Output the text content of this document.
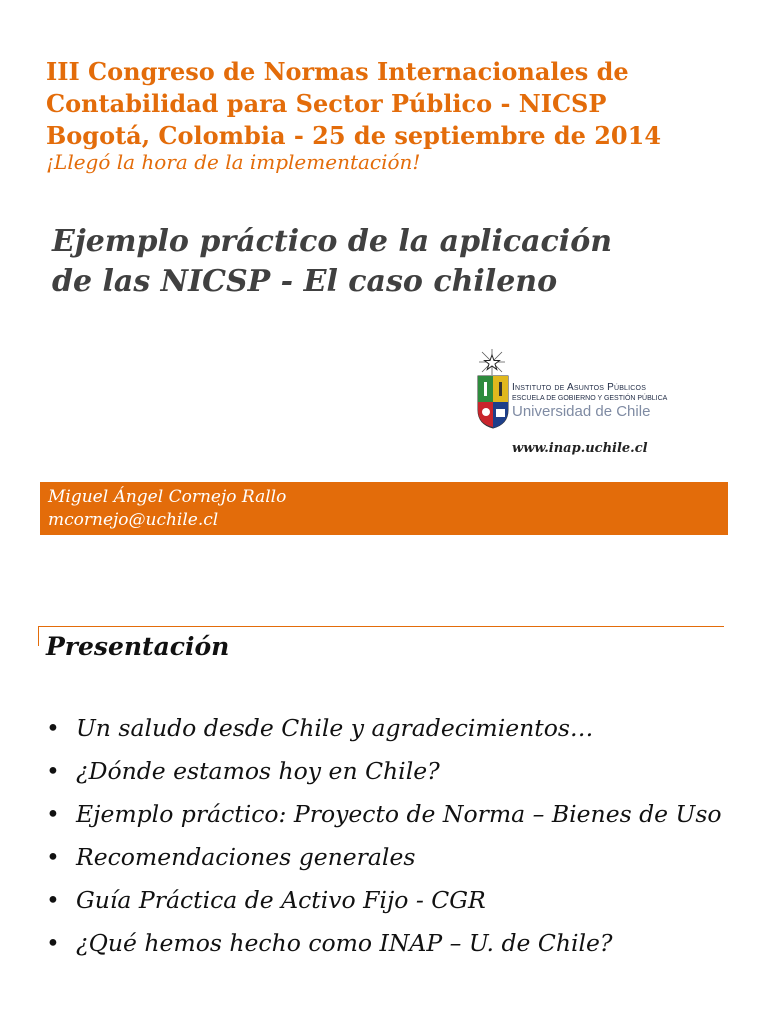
III Congreso de Normas Internacionales de
Contabilidad para Sector Público - NICSP
Bogotá, Colombia - 25 de septiembre de 2014
¡Llegó la hora de la implementación!
Ejemplo práctico de la aplicación
de las NICSP - El caso chileno
Instituto de Asuntos Públicos
ESCUELA DE GOBIERNO Y GESTIÓN PÚBLICA
Universidad de Chile
www.inap.uchile.cl
Miguel Ángel Cornejo Rallo
mcornejo@uchile.cl
Presentación
• Un saludo desde Chile y agradecimientos…
• ¿Dónde estamos hoy en Chile?
• Ejemplo práctico: Proyecto de Norma – Bienes de Uso
• Recomendaciones generales
• Guía Práctica de Activo Fijo - CGR
• ¿Qué hemos hecho como INAP – U. de Chile?
